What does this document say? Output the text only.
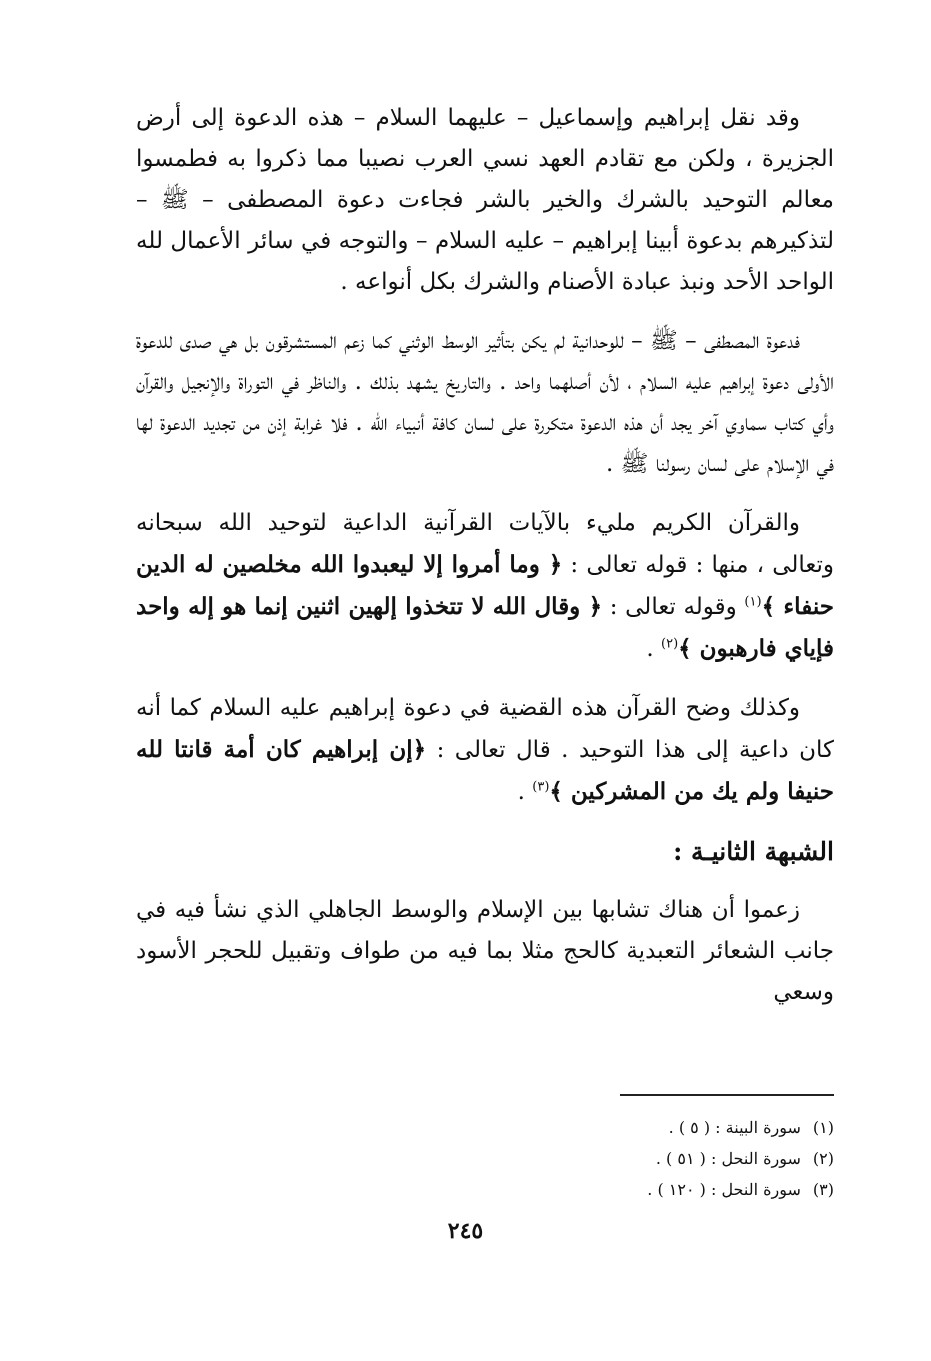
وقد نقل إبراهيم وإسماعيل – عليهما السلام – هذه الدعوة إلى أرض الجزيرة ، ولكن مع تقادم العهد نسي العرب نصيبا مما ذكروا به فطمسوا معالم التوحيد بالشرك والخير بالشر فجاءت دعوة المصطفى – ﷺ – لتذكيرهم بدعوة أبينا إبراهيم – عليه السلام – والتوجه في سائر الأعمال لله الواحد الأحد ونبذ عبادة الأصنام والشرك بكل أنواعه .

فدعوة المصطفى – ﷺ – للوحدانية لم يكن بتأثير الوسط الوثني كما زعم المستشرقون بل هي صدى للدعوة الأولى دعوة إبراهيم عليه السلام ، لأن أصلهما واحد . والتاريخ يشهد بذلك . والناظر في التوراة والإنجيل والقرآن وأي كتاب سماوي آخر يجد أن هذه الدعوة متكررة على لسان كافة أنبياء الله . فلا غرابة إذن من تجديد الدعوة لها في الإسلام على لسان رسولنا ﷺ .

والقرآن الكريم مليء بالآيات القرآنية الداعية لتوحيد الله سبحانه وتعالى ، منها : قوله تعالى : ﴿ وما أمروا إلا ليعبدوا الله مخلصين له الدين حنفاء ﴾$^{(١)}$ وقوله تعالى : ﴿ وقال الله لا تتخذوا إلهين اثنين إنما هو إله واحد فإياي فارهبون ﴾$^{(٢)}$ .

وكذلك وضح القرآن هذه القضية في دعوة إبراهيم عليه السلام كما أنه كان داعية إلى هذا التوحيد . قال تعالى : ﴿إن إبراهيم كان أمة قانتا لله حنيفا ولم يك من المشركين ﴾$^{(٣)}$ .

الشبهة الثانيـة :

زعموا أن هناك تشابها بين الإسلام والوسط الجاهلي الذي نشأ فيه في جانب الشعائر التعبدية كالحج مثلا بما فيه من طواف وتقبيل للحجر الأسود وسعي

(١)سورة البينة : ( ٥ ) .
(٢)سورة النحل : ( ٥١ ) .
(٣)سورة النحل : ( ١٢٠ ) .
٢٤٥
